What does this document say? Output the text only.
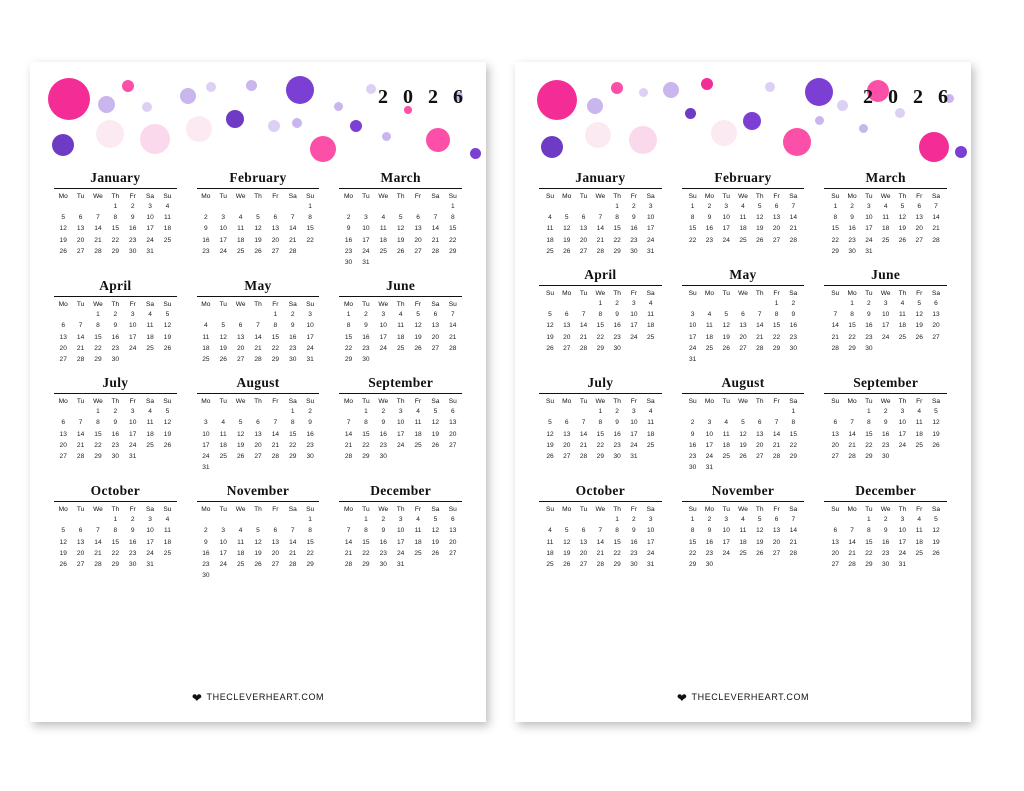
2 0 2 6
January
Mo	Tu	We	Th	Fr	Sa	Su
			1	2	3	4
5	6	7	8	9	10	11
12	13	14	15	16	17	18
19	20	21	22	23	24	25
26	27	28	29	30	31	
February
Mo	Tu	We	Th	Fr	Sa	Su
						1
2	3	4	5	6	7	8
9	10	11	12	13	14	15
16	17	18	19	20	21	22
23	24	25	26	27	28	
March
Mo	Tu	We	Th	Fr	Sa	Su
						1
2	3	4	5	6	7	8
9	10	11	12	13	14	15
16	17	18	19	20	21	22
23	24	25	26	27	28	29
30	31					
April
Mo	Tu	We	Th	Fr	Sa	Su
		1	2	3	4	5
6	7	8	9	10	11	12
13	14	15	16	17	18	19
20	21	22	23	24	25	26
27	28	29	30			
May
Mo	Tu	We	Th	Fr	Sa	Su
				1	2	3
4	5	6	7	8	9	10
11	12	13	14	15	16	17
18	19	20	21	22	23	24
25	26	27	28	29	30	31
June
Mo	Tu	We	Th	Fr	Sa	Su
1	2	3	4	5	6	7
8	9	10	11	12	13	14
15	16	17	18	19	20	21
22	23	24	25	26	27	28
29	30					
July
Mo	Tu	We	Th	Fr	Sa	Su
		1	2	3	4	5
6	7	8	9	10	11	12
13	14	15	16	17	18	19
20	21	22	23	24	25	26
27	28	29	30	31		
August
Mo	Tu	We	Th	Fr	Sa	Su
					1	2
3	4	5	6	7	8	9
10	11	12	13	14	15	16
17	18	19	20	21	22	23
24	25	26	27	28	29	30
31						
September
Mo	Tu	We	Th	Fr	Sa	Su
	1	2	3	4	5	6
7	8	9	10	11	12	13
14	15	16	17	18	19	20
21	22	23	24	25	26	27
28	29	30				
October
Mo	Tu	We	Th	Fr	Sa	Su
			1	2	3	4
5	6	7	8	9	10	11
12	13	14	15	16	17	18
19	20	21	22	23	24	25
26	27	28	29	30	31	
November
Mo	Tu	We	Th	Fr	Sa	Su
						1
2	3	4	5	6	7	8
9	10	11	12	13	14	15
16	17	18	19	20	21	22
23	24	25	26	27	28	29
30						
December
Mo	Tu	We	Th	Fr	Sa	Su
	1	2	3	4	5	6
7	8	9	10	11	12	13
14	15	16	17	18	19	20
21	22	23	24	25	26	27
28	29	30	31			
❤ THECLEVERHEART.COM
2 0 2 6
January
Su	Mo	Tu	We	Th	Fr	Sa
				1	2	3
4	5	6	7	8	9	10
11	12	13	14	15	16	17
18	19	20	21	22	23	24
25	26	27	28	29	30	31
February
Su	Mo	Tu	We	Th	Fr	Sa
1	2	3	4	5	6	7
8	9	10	11	12	13	14
15	16	17	18	19	20	21
22	23	24	25	26	27	28
March
Su	Mo	Tu	We	Th	Fr	Sa
1	2	3	4	5	6	7
8	9	10	11	12	13	14
15	16	17	18	19	20	21
22	23	24	25	26	27	28
29	30	31				
April
Su	Mo	Tu	We	Th	Fr	Sa
			1	2	3	4
5	6	7	8	9	10	11
12	13	14	15	16	17	18
19	20	21	22	23	24	25
26	27	28	29	30		
May
Su	Mo	Tu	We	Th	Fr	Sa
					1	2
3	4	5	6	7	8	9
10	11	12	13	14	15	16
17	18	19	20	21	22	23
24	25	26	27	28	29	30
31						
June
Su	Mo	Tu	We	Th	Fr	Sa
	1	2	3	4	5	6
7	8	9	10	11	12	13
14	15	16	17	18	19	20
21	22	23	24	25	26	27
28	29	30				
July
Su	Mo	Tu	We	Th	Fr	Sa
			1	2	3	4
5	6	7	8	9	10	11
12	13	14	15	16	17	18
19	20	21	22	23	24	25
26	27	28	29	30	31	
August
Su	Mo	Tu	We	Th	Fr	Sa
						1
2	3	4	5	6	7	8
9	10	11	12	13	14	15
16	17	18	19	20	21	22
23	24	25	26	27	28	29
30	31					
September
Su	Mo	Tu	We	Th	Fr	Sa
		1	2	3	4	5
6	7	8	9	10	11	12
13	14	15	16	17	18	19
20	21	22	23	24	25	26
27	28	29	30			
October
Su	Mo	Tu	We	Th	Fr	Sa
				1	2	3
4	5	6	7	8	9	10
11	12	13	14	15	16	17
18	19	20	21	22	23	24
25	26	27	28	29	30	31
November
Su	Mo	Tu	We	Th	Fr	Sa
1	2	3	4	5	6	7
8	9	10	11	12	13	14
15	16	17	18	19	20	21
22	23	24	25	26	27	28
29	30					
December
Su	Mo	Tu	We	Th	Fr	Sa
		1	2	3	4	5
6	7	8	9	10	11	12
13	14	15	16	17	18	19
20	21	22	23	24	25	26
27	28	29	30	31		
❤ THECLEVERHEART.COM
